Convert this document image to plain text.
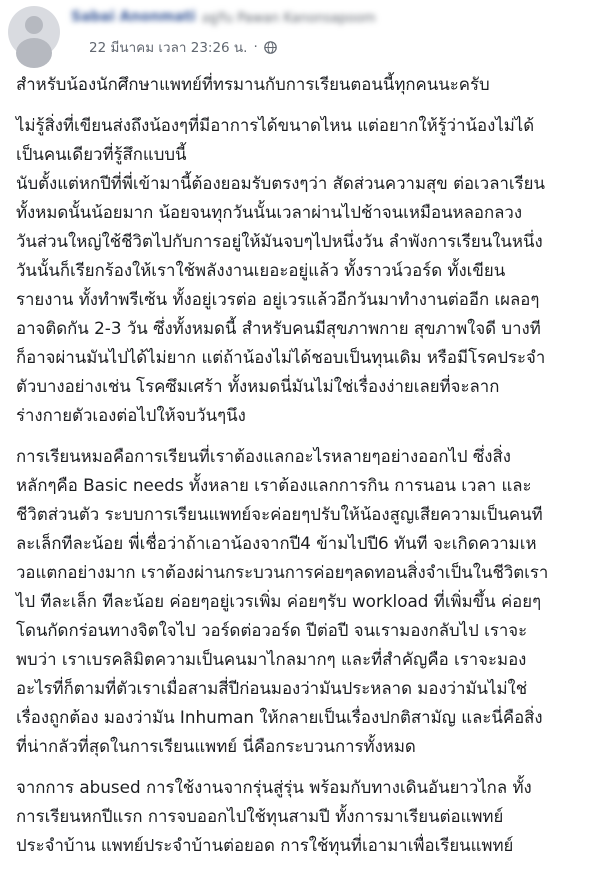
Sabai Anonmati อยู่กับ Pawan Kanonsapoom
22 มีนาคม เวลา 23:26 น. ·

สำหรับน้องนักศึกษาแพทย์ที่ทรมานกับการเรียนตอนนี้ทุกคนนะครับ

ไม่รู้สิ่งที่เขียนส่งถึงน้องๆที่มีอาการได้ขนาดไหน แต่อยากให้รู้ว่าน้องไม่ได้
เป็นคนเดียวที่รู้สึกแบบนี้
นับตั้งแต่หกปีที่พี่เข้ามานี้ต้องยอมรับตรงๆว่า สัดส่วนความสุข ต่อเวลาเรียน
ทั้งหมดนั้นน้อยมาก น้อยจนทุกวันนั้นเวลาผ่านไปช้าจนเหมือนหลอกลวง
วันส่วนใหญ่ใช้ชีวิตไปกับการอยู่ให้มันจบๆไปหนึ่งวัน ลำพังการเรียนในหนึ่ง
วันนั้นก็เรียกร้องให้เราใช้พลังงานเยอะอยู่แล้ว ทั้งราวน์วอร์ด ทั้งเขียน
รายงาน ทั้งทำพรีเซ้น ทั้งอยู่เวรต่อ อยู่เวรแล้วอีกวันมาทำงานต่ออีก เผลอๆ
อาจติดกัน 2-3 วัน ซึ่งทั้งหมดนี้ สำหรับคนมีสุขภาพกาย สุขภาพใจดี บางที
ก็อาจผ่านมันไปได้ไม่ยาก แต่ถ้าน้องไม่ได้ชอบเป็นทุนเดิม หรือมีโรคประจำ
ตัวบางอย่างเช่น โรคซึมเศร้า ทั้งหมดนี่มันไม่ใช่เรื่องง่ายเลยที่จะลาก
ร่างกายตัวเองต่อไปให้จบวันๆนึง

การเรียนหมอคือการเรียนที่เราต้องแลกอะไรหลายๆอย่างออกไป ซึ่งสิ่ง
หลักๆคือ Basic needs ทั้งหลาย เราต้องแลกการกิน การนอน เวลา และ
ชีวิตส่วนตัว ระบบการเรียนแพทย์จะค่อยๆปรับให้น้องสูญเสียความเป็นคนที
ละเล็กทีละน้อย พี่เชื่อว่าถ้าเอาน้องจากปี4 ข้ามไปปี6 ทันที จะเกิดความเห
วอแตกอย่างมาก เราต้องผ่านกระบวนการค่อยๆลดทอนสิ่งจำเป็นในชีวิตเรา
ไป ทีละเล็ก ทีละน้อย ค่อยๆอยู่เวรเพิ่ม ค่อยๆรับ workload ที่เพิ่มขึ้น ค่อยๆ
โดนกัดกร่อนทางจิตใจไป วอร์ดต่อวอร์ด ปีต่อปี จนเรามองกลับไป เราจะ
พบว่า เราเบรคลิมิตความเป็นคนมาไกลมากๆ และที่สำคัญคือ เราจะมอง
อะไรที่ก็ตามที่ตัวเราเมื่อสามสี่ปีก่อนมองว่ามันประหลาด มองว่ามันไม่ใช่
เรื่องถูกต้อง มองว่ามัน Inhuman ให้กลายเป็นเรื่องปกติสามัญ และนี่คือสิ่ง
ที่น่ากลัวที่สุดในการเรียนแพทย์ นี่คือกระบวนการทั้งหมด

จากการ abused การใช้งานจากรุ่นสู่รุ่น พร้อมกับทางเดินอันยาวไกล ทั้ง
การเรียนหกปีแรก การจบออกไปใช้ทุนสามปี ทั้งการมาเรียนต่อแพทย์
ประจำบ้าน แพทย์ประจำบ้านต่อยอด การใช้ทุนที่เอามาเพื่อเรียนแพทย์
